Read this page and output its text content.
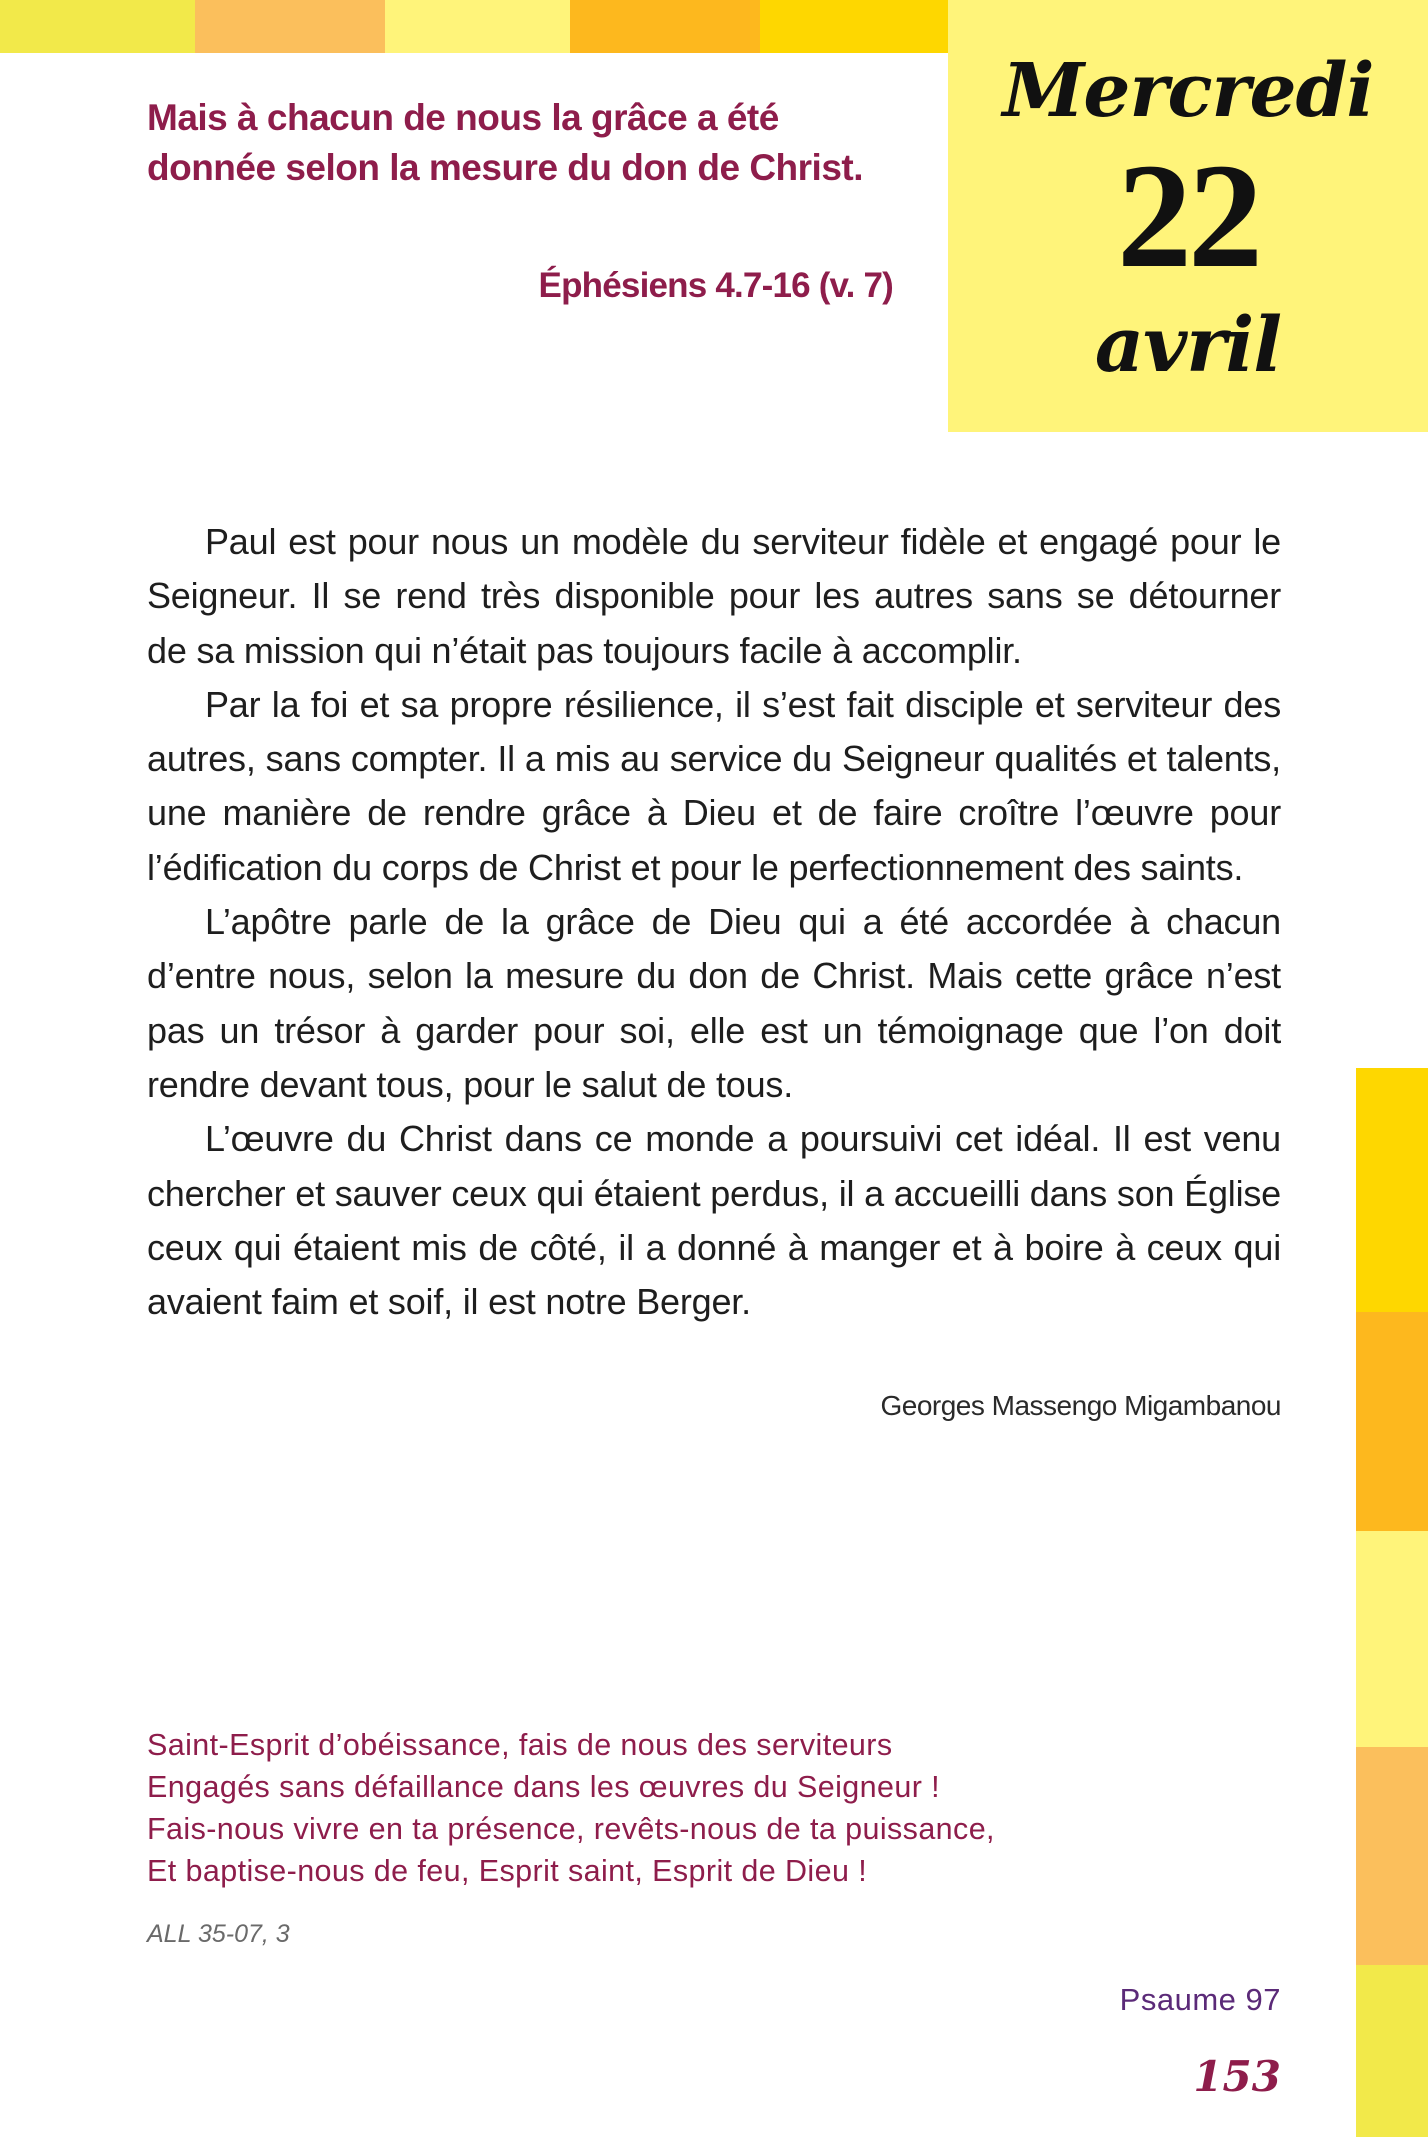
Mercredi
22
avril
Mais à chacun de nous la grâce a été donnée selon la mesure du don de Christ.
Éphésiens 4.7-16 (v. 7)

Paul est pour nous un modèle du serviteur fidèle et engagé pour le Seigneur. Il se rend très disponible pour les autres sans se détourner de sa mission qui n’était pas toujours facile à accomplir.

Par la foi et sa propre résilience, il s’est fait disciple et serviteur des autres, sans compter. Il a mis au service du Seigneur qualités et talents, une manière de rendre grâce à Dieu et de faire croître l’œuvre pour l’édification du corps de Christ et pour le perfectionnement des saints.

L’apôtre parle de la grâce de Dieu qui a été accordée à chacun d’entre nous, selon la mesure du don de Christ. Mais cette grâce n’est pas un trésor à garder pour soi, elle est un témoignage que l’on doit rendre devant tous, pour le salut de tous.

L’œuvre du Christ dans ce monde a poursuivi cet idéal. Il est venu chercher et sauver ceux qui étaient perdus, il a accueilli dans son Église ceux qui étaient mis de côté, il a donné à manger et à boire à ceux qui avaient faim et soif, il est notre Berger.

Georges Massengo Migambanou
Saint-Esprit d’obéissance, fais de nous des serviteurs
Engagés sans défaillance dans les œuvres du Seigneur !
Fais-nous vivre en ta présence, revêts-nous de ta puissance,
Et baptise-nous de feu, Esprit saint, Esprit de Dieu !
ALL 35-07, 3
Psaume 97
153
